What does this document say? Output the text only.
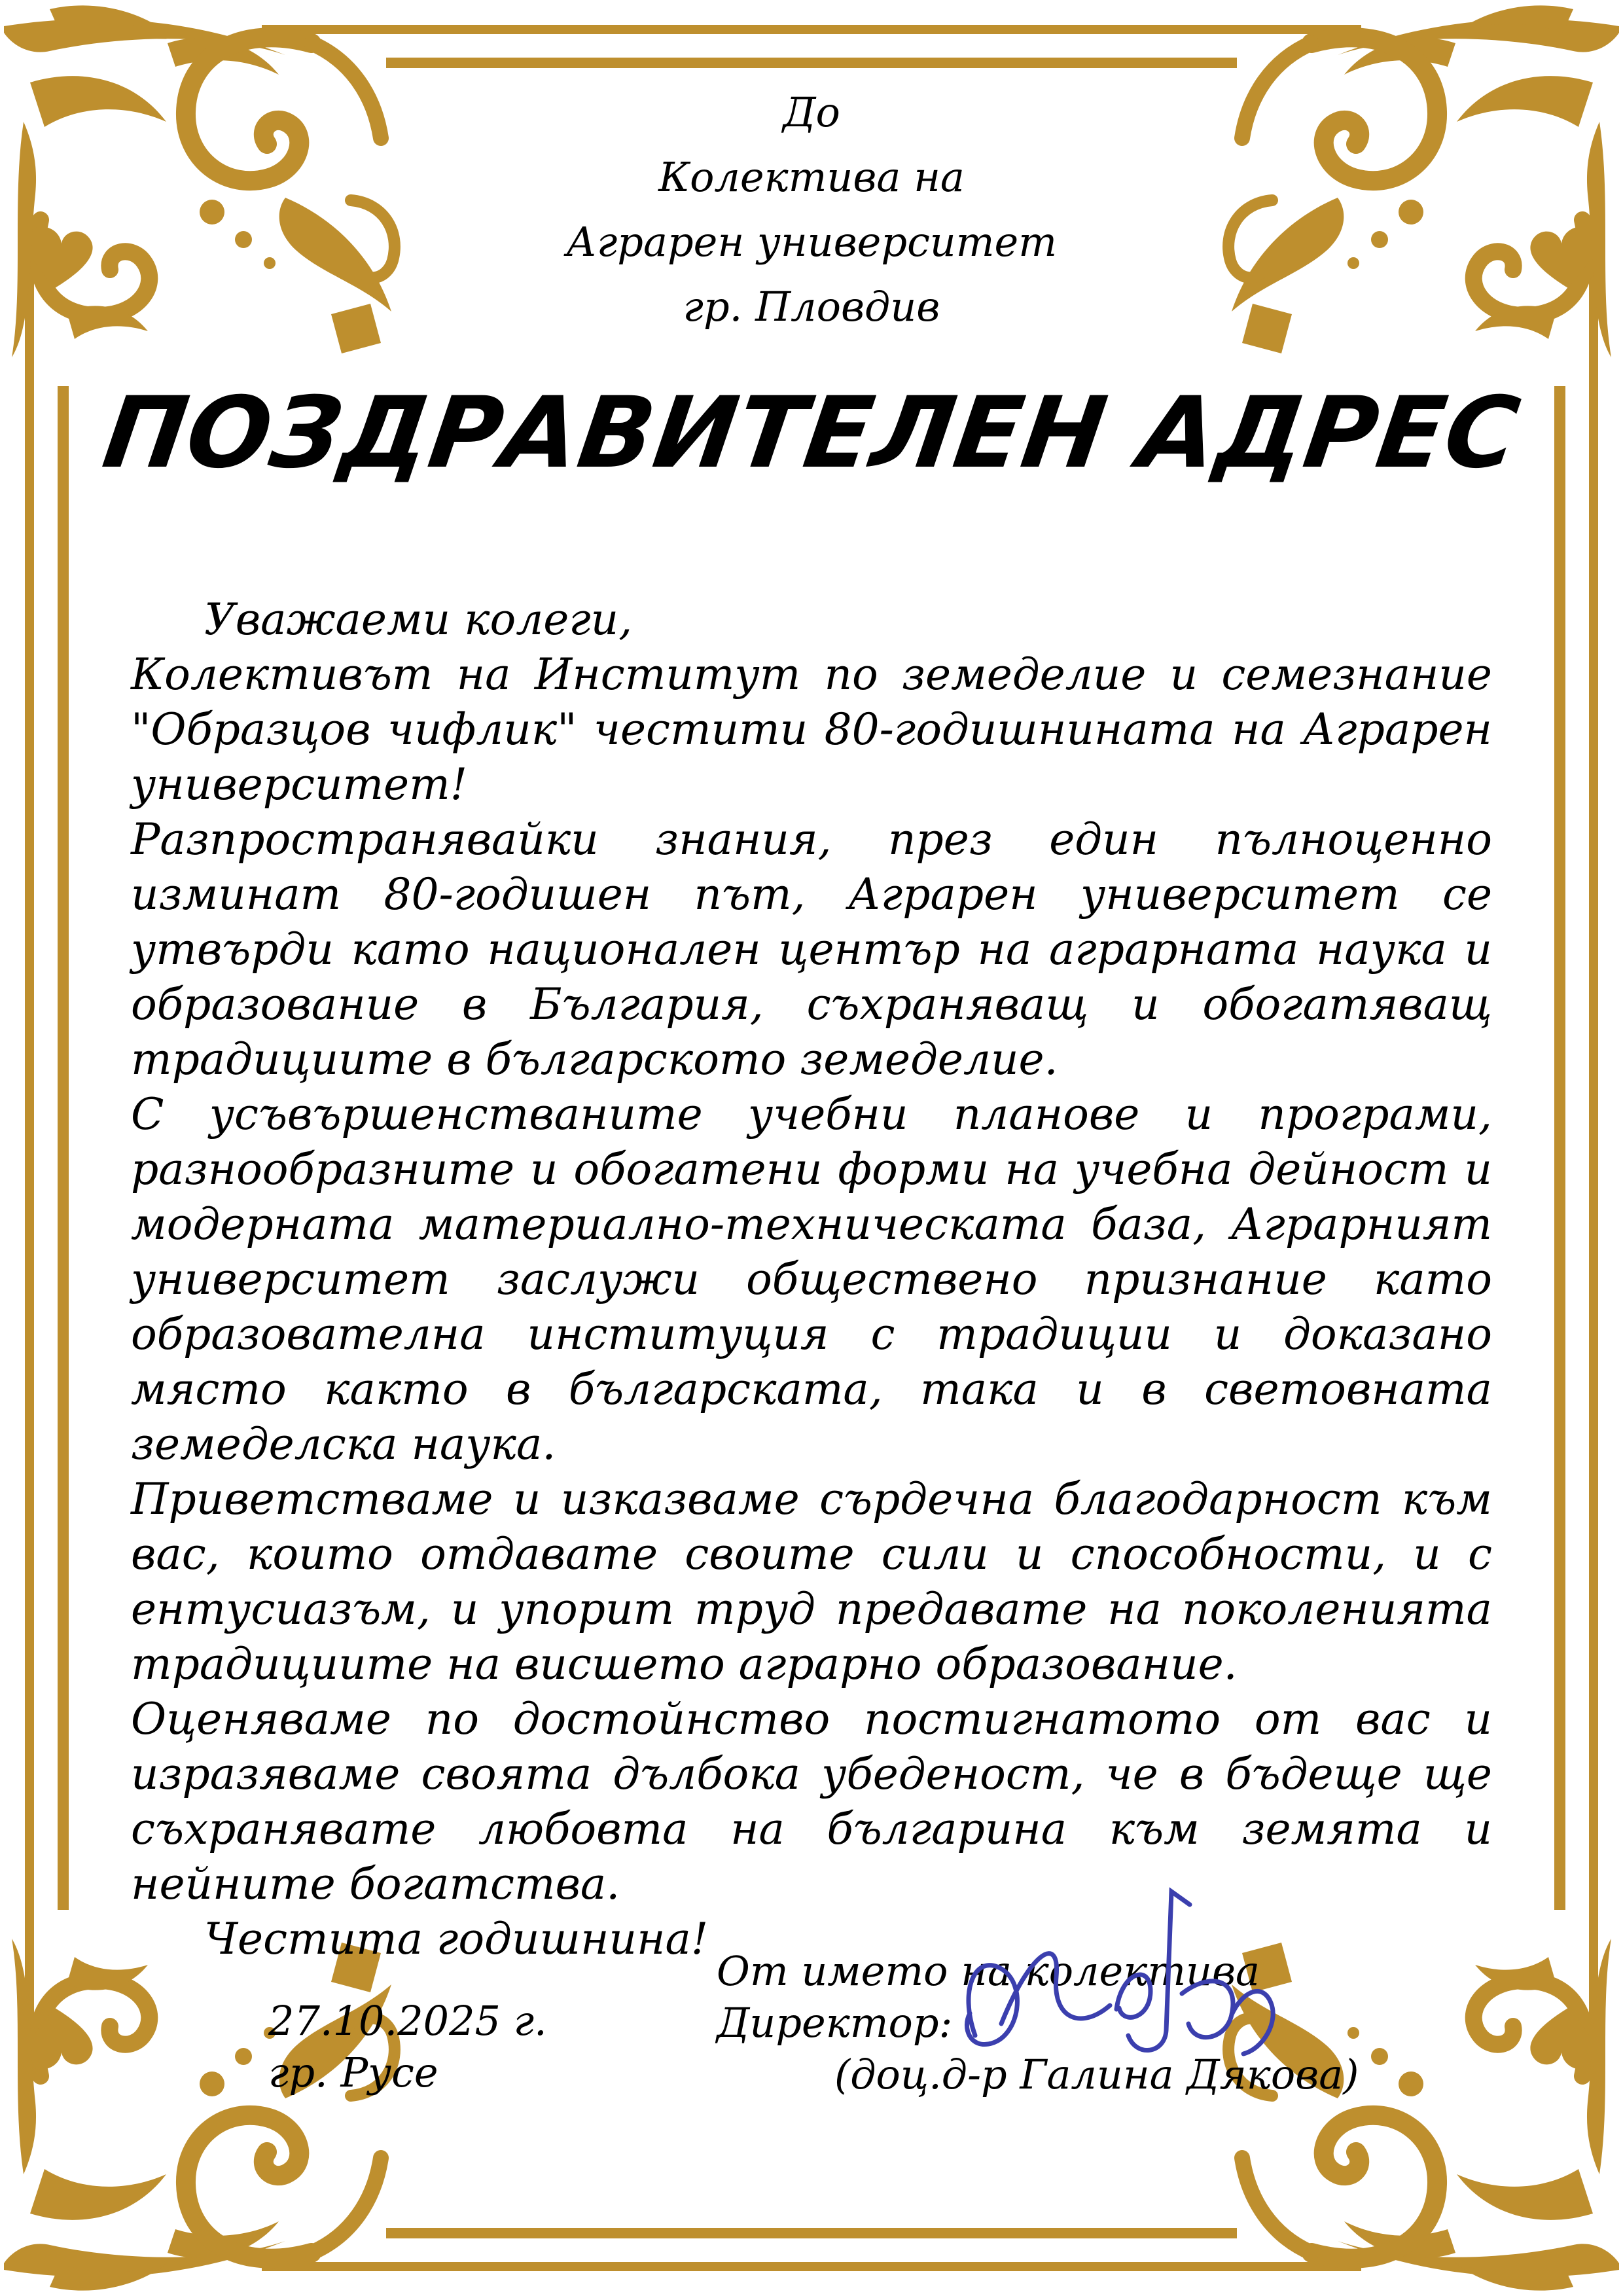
До
Колектива на
Аграрен университет
гр. Пловдив
ПОЗДРАВИТЕЛЕН АДРЕС

Уважаеми колеги,

Колективът на Институт по земеделие и семезнание "Образцов чифлик" честити 80-годишнината на Аграрен университет!

Разпространявайки знания, през един пълноценно изминат 80-годишен път, Аграрен университет се утвърди като национален център на аграрната наука и образование в България, съхраняващ и обогатяващ традициите в българското земеделие.

С усъвършенстваните учебни планове и програми, разнообразните и обогатени форми на учебна дейност и модерната материално-техническата база, Аграрният университет заслужи обществено признание като образователна институция с традиции и доказано място както в българската, така и в световната земеделска наука.

Приветстваме и изказваме сърдечна благодарност към вас, които отдавате своите сили и способности, и с ентусиазъм, и упорит труд предавате на поколенията традициите на висшето аграрно образование.

Оценяваме по достойнство постигнатото от вас и изразяваме своята дълбока убеденост, че в бъдеще ще съхранявате любовта на българина към земята и нейните богатства.

Честита годишнина!

27.10.2025 г.
гр. Русе
От името на колектива
Директор:
(доц.д-р Галина Дякова)
